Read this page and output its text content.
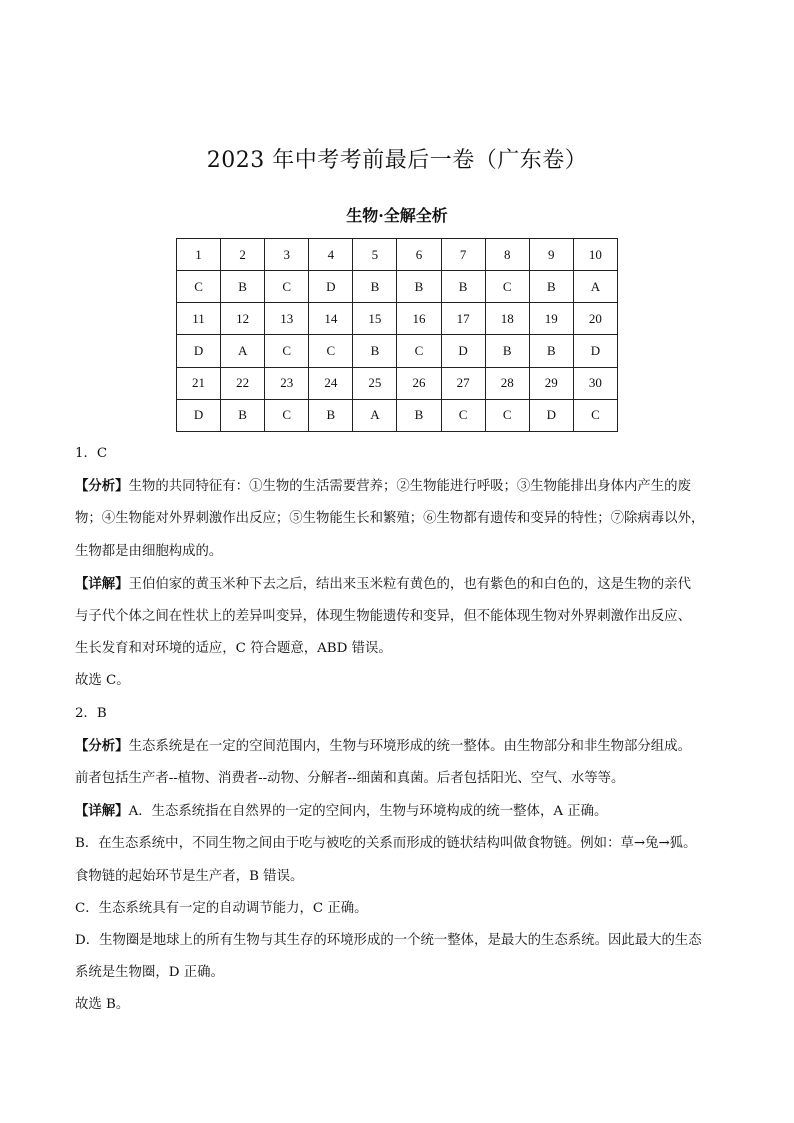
2023 年中考考前最后一卷（广东卷）
生物·全解全析
1	2	3	4	5	6	7	8	9	10
C	B	C	D	B	B	B	C	B	A
11	12	13	14	15	16	17	18	19	20
D	A	C	C	B	C	D	B	B	D
21	22	23	24	25	26	27	28	29	30
D	B	C	B	A	B	C	C	D	C

1．C

【分析】生物的共同特征有：①生物的生活需要营养；②生物能进行呼吸；③生物能排出身体内产生的废

物；④生物能对外界刺激作出反应；⑤生物能生长和繁殖；⑥生物都有遗传和变异的特性；⑦除病毒以外，

生物都是由细胞构成的。

【详解】王伯伯家的黄玉米种下去之后，结出来玉米粒有黄色的，也有紫色的和白色的，这是生物的亲代

与子代个体之间在性状上的差异叫变异，体现生物能遗传和变异，但不能体现生物对外界刺激作出反应、

生长发育和对环境的适应，C 符合题意，ABD 错误。

故选 C。

2．B

【分析】生态系统是在一定的空间范围内，生物与环境形成的统一整体。由生物部分和非生物部分组成。

前者包括生产者--植物、消费者--动物、分解者--细菌和真菌。后者包括阳光、空气、水等等。

【详解】A．生态系统指在自然界的一定的空间内，生物与环境构成的统一整体，A 正确。

B．在生态系统中，不同生物之间由于吃与被吃的关系而形成的链状结构叫做食物链。例如：草→兔→狐。

食物链的起始环节是生产者，B 错误。

C．生态系统具有一定的自动调节能力，C 正确。

D．生物圈是地球上的所有生物与其生存的环境形成的一个统一整体，是最大的生态系统。因此最大的生态

系统是生物圈，D 正确。

故选 B。
